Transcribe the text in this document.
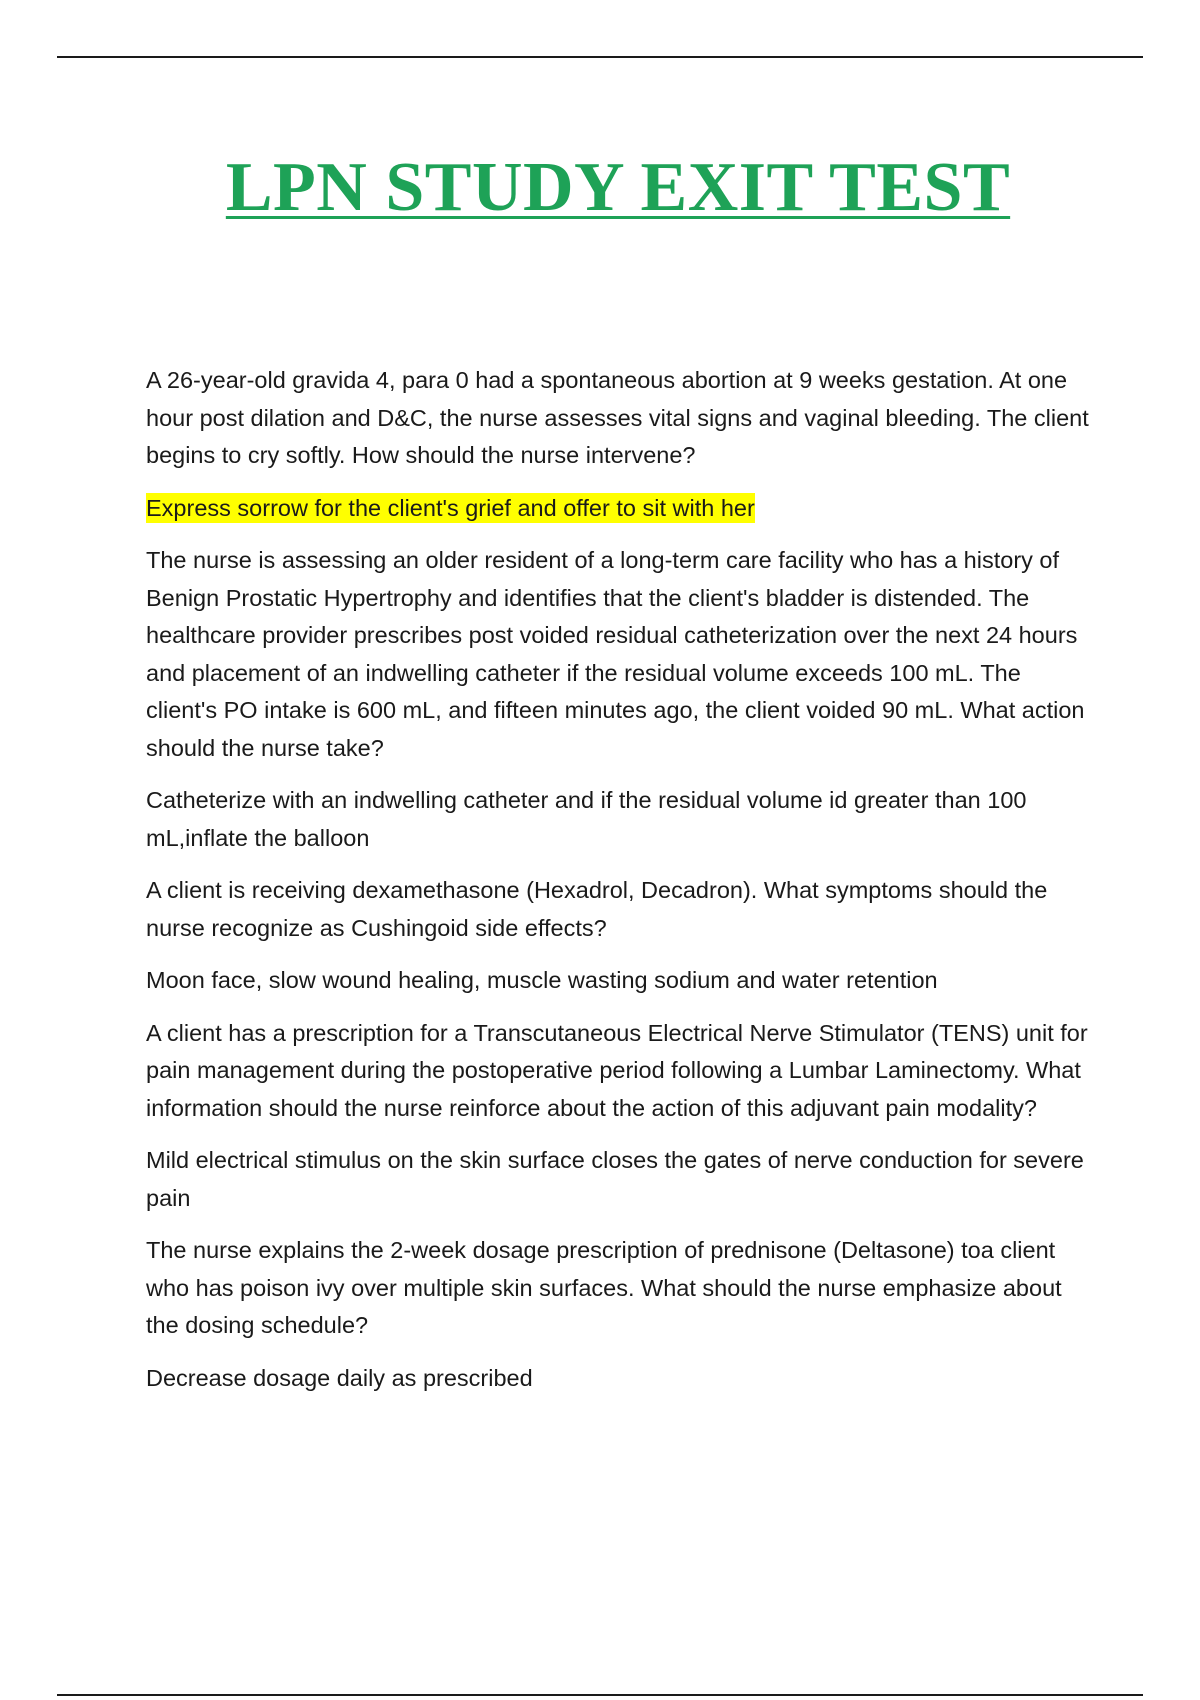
LPN STUDY EXIT TEST

A 26-year-old gravida 4, para 0 had a spontaneous abortion at 9 weeks gestation. At one hour post dilation and D&C, the nurse assesses vital signs and vaginal bleeding. The client begins to cry softly. How should the nurse intervene?

Express sorrow for the client's grief and offer to sit with her

The nurse is assessing an older resident of a long-term care facility who has a history of Benign Prostatic Hypertrophy and identifies that the client's bladder is distended. The healthcare provider prescribes post voided residual catheterization over the next 24 hours and placement of an indwelling catheter if the residual volume exceeds 100 mL. The client's PO intake is 600 mL, and fifteen minutes ago, the client voided 90 mL. What action should the nurse take?

Catheterize with an indwelling catheter and if the residual volume id greater than 100 mL,inflate the balloon

A client is receiving dexamethasone (Hexadrol, Decadron). What symptoms should the nurse recognize as Cushingoid side effects?

Moon face, slow wound healing, muscle wasting sodium and water retention

A client has a prescription for a Transcutaneous Electrical Nerve Stimulator (TENS) unit for pain management during the postoperative period following a Lumbar Laminectomy. What information should the nurse reinforce about the action of this adjuvant pain modality?

Mild electrical stimulus on the skin surface closes the gates of nerve conduction for severe pain

The nurse explains the 2-week dosage prescription of prednisone (Deltasone) toa client who has poison ivy over multiple skin surfaces. What should the nurse emphasize about the dosing schedule?

Decrease dosage daily as prescribed
